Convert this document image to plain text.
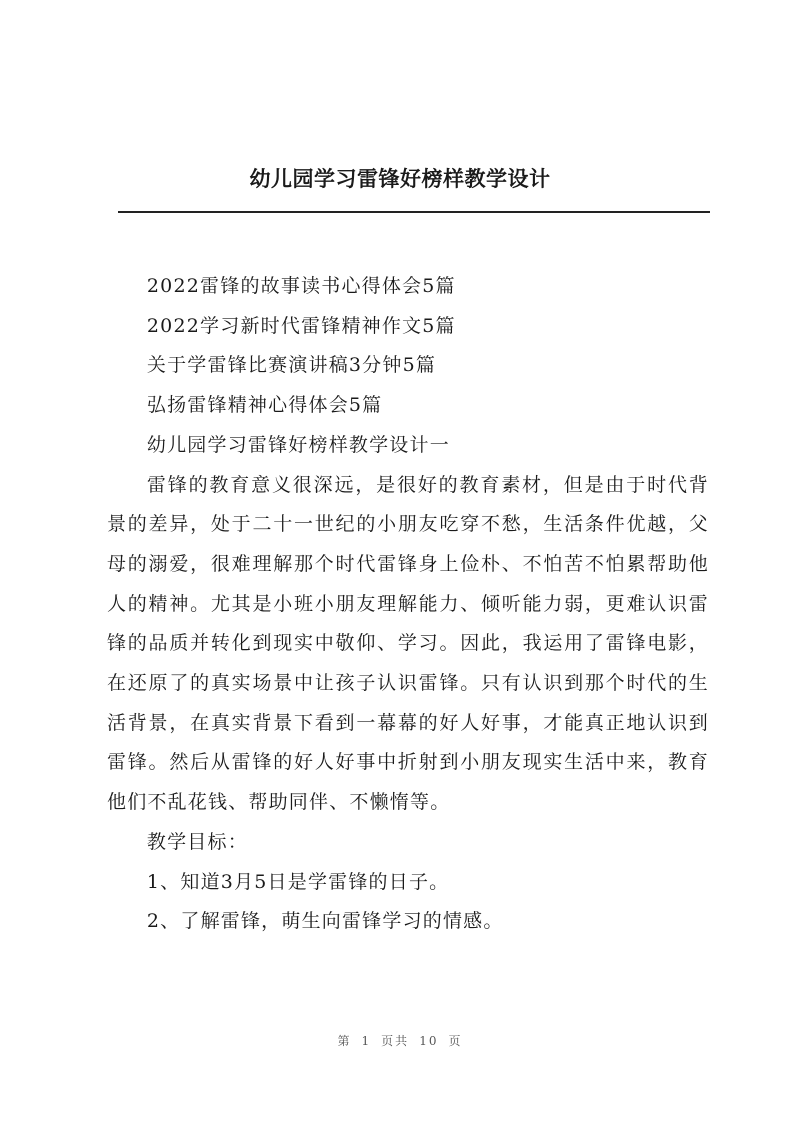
幼儿园学习雷锋好榜样教学设计

2022雷锋的故事读书心得体会5篇

2022学习新时代雷锋精神作文5篇

关于学雷锋比赛演讲稿3分钟5篇

弘扬雷锋精神心得体会5篇

幼儿园学习雷锋好榜样教学设计一

雷锋的教育意义很深远，是很好的教育素材，但是由于时代背景的差异，处于二十一世纪的小朋友吃穿不愁，生活条件优越，父母的溺爱，很难理解那个时代雷锋身上俭朴、不怕苦不怕累帮助他人的精神。尤其是小班小朋友理解能力、倾听能力弱，更难认识雷锋的品质并转化到现实中敬仰、学习。因此，我运用了雷锋电影，在还原了的真实场景中让孩子认识雷锋。只有认识到那个时代的生活背景，在真实背景下看到一幕幕的好人好事，才能真正地认识到雷锋。然后从雷锋的好人好事中折射到小朋友现实生活中来，教育他们不乱花钱、帮助同伴、不懒惰等。

教学目标：

1、知道3月5日是学雷锋的日子。

2、了解雷锋，萌生向雷锋学习的情感。

第 1 页共 10 页
